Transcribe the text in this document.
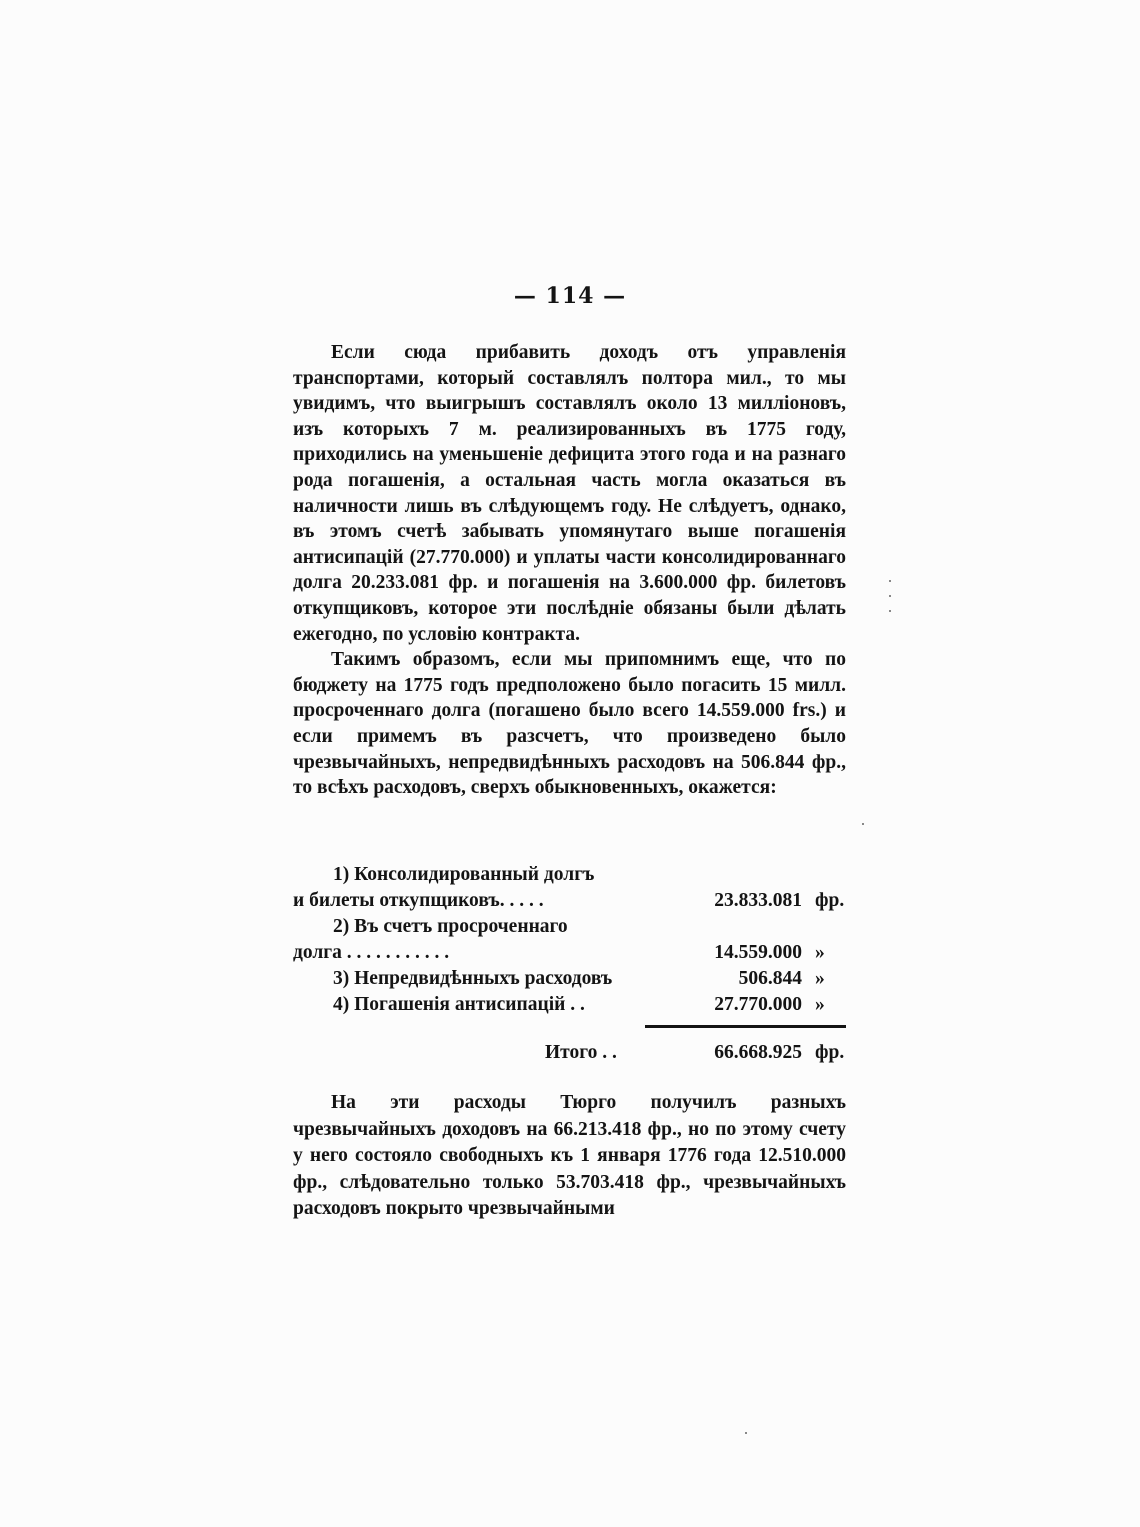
— 114 —

Если сюда прибавить доходъ отъ управленія транспортами, который составлялъ полтора мил., то мы увидимъ, что выигрышъ составлялъ около 13 милліоновъ, изъ которыхъ 7 м. реализированныхъ въ 1775 году, приходились на уменьшеніе дефицита этого года и на разнаго рода погашенія, а остальная часть могла оказаться въ наличности лишь въ слѣдующемъ году. Не слѣдуетъ, однако, въ этомъ счетѣ забывать упомянутаго выше погашенія антисипацій (27.770.000) и уплаты части консолидированнаго долга 20.233.081 фр. и погашенія на 3.600.000 фр. билетовъ откупщиковъ, которое эти послѣдніе обязаны были дѣлать ежегодно, по условію контракта.

Такимъ образомъ, если мы припомнимъ еще, что по бюджету на 1775 годъ предположено было погасить 15 милл. просроченнаго долга (погашено было всего 14.559.000 frs.) и если примемъ въ разсчетъ, что произведено было чрезвычайныхъ, непредвидѣнныхъ расходовъ на 506.844 фр., то всѣхъ расходовъ, сверхъ обыкновенныхъ, окажется:

1) Консолидированный долгъ
и билеты откупщиковъ. . . . .	23.833.081 фр.
2) Въ счетъ просроченнаго
долга . . . . . . . . . . .	14.559.000 »
3) Непредвидѣнныхъ расходовъ	506.844 »
4) Погашенія антисипацій . .	27.770.000 »
Итого . .	66.668.925 фр.

На эти расходы Тюрго получилъ разныхъ чрезвычайныхъ доходовъ на 66.213.418 фр., но по этому счету у него состояло свободныхъ къ 1 января 1776 года 12.510.000 фр., слѣдовательно только 53.703.418 фр., чрезвычайныхъ расходовъ покрыто чрезвычайными
